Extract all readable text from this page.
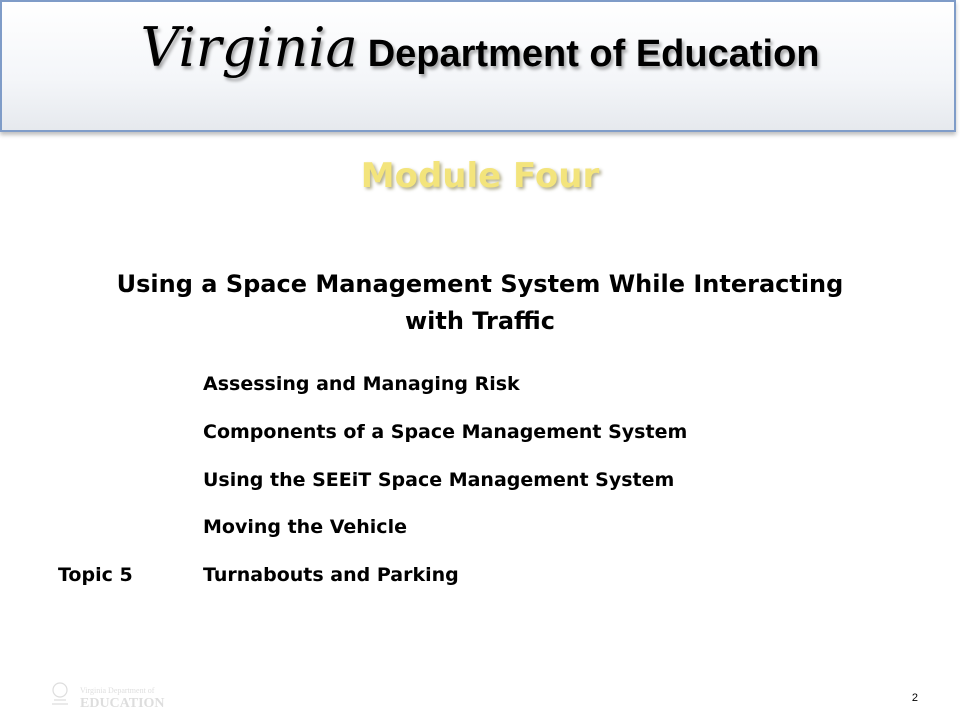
Virginia Department of Education
Module Four
Using a Space Management System While Interacting
with Traffic
Assessing and Managing Risk
Components of a Space Management System
Using the SEEiT Space Management System
Moving the Vehicle
Topic 5	Turnabouts and Parking
Virginia Department of
EDUCATION	2
